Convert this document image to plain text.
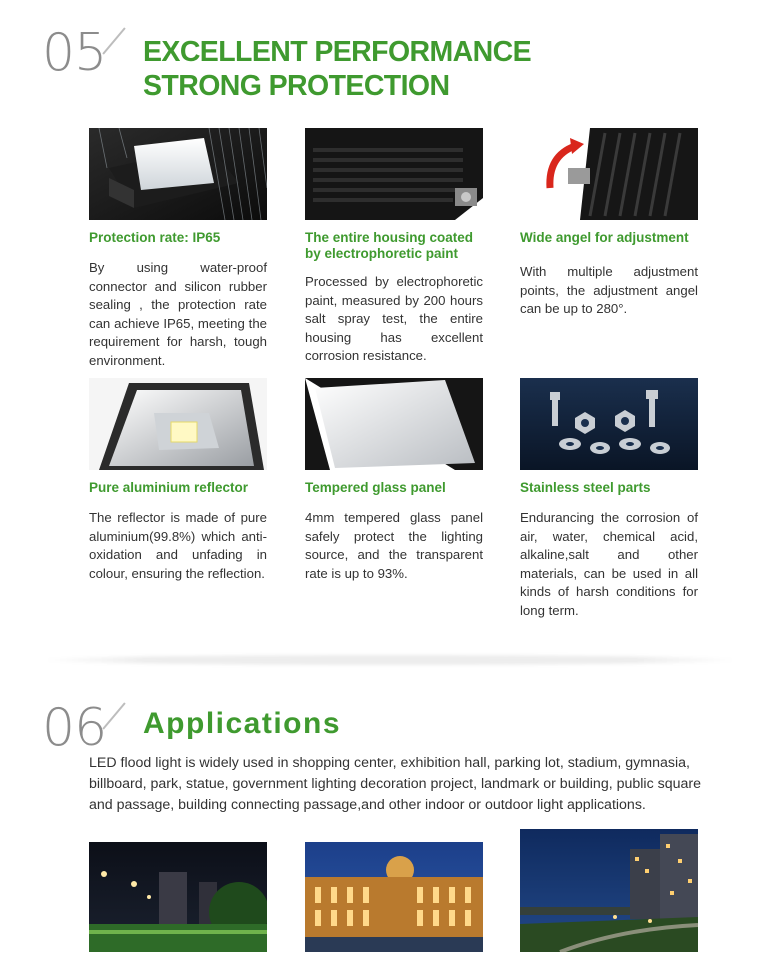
05 EXCELLENT PERFORMANCE
STRONG PROTECTION
Protection rate: IP65
By using water-proof connector and silicon rubber sealing , the protection rate can achieve IP65, meeting the requirement for harsh, tough environment.
The entire housing coated by electrophoretic paint
Processed by electrophoretic paint, measured by 200 hours salt spray test, the entire housing has excellent corrosion resistance.
Wide angel for adjustment
With multiple adjustment points, the adjustment angel can be up to 280°.
Pure aluminium reflector
The reflector is made of pure aluminium(99.8%) which anti-oxidation and unfading in colour, ensuring the reflection.
Tempered glass panel
4mm tempered glass panel safely protect the lighting source, and the transparent rate is up to 93%.
Stainless steel parts
Endurancing the corrosion of air, water, chemical acid, alkaline,salt and other materials, can be used in all kinds of harsh conditions for long term.
06 Applications
LED flood light is widely used in shopping center, exhibition hall, parking lot, stadium, gymnasia, billboard, park, statue, government lighting decoration project, landmark or building, public square and passage, building connecting passage,and other indoor or outdoor light applications.
